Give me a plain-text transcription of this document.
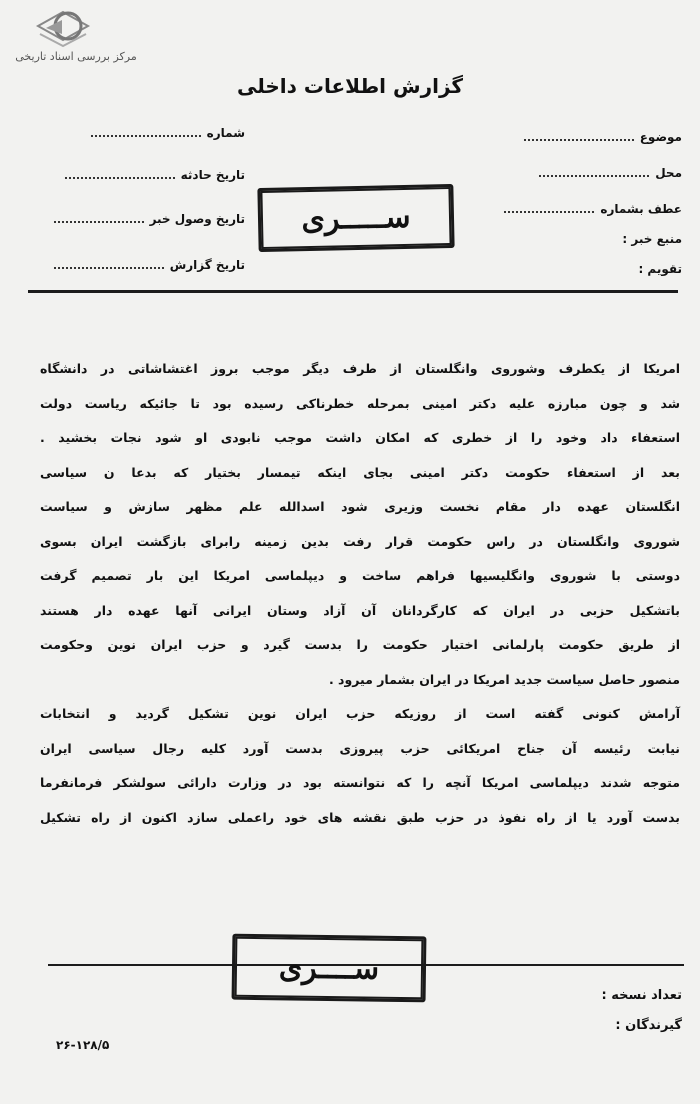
مرکز بررسی اسناد تاریخی
گزارش اطلاعات داخلی
موضوع
محل
عطف بشماره
منبع خبر :
تقویم :
شماره
تاریخ حادثه
تاریخ وصول خبر
تاریخ گزارش
ســـــری

امریکا از یکطرف وشوروی وانگلستان از طرف دیگر موجب بروز اغتشاشاتی در دانشگاه

شد و چون مبارزه علیه دکتر امینی بمرحله خطرناکی رسیده بود تا جائیکه ریاست دولت

استعفاء داد وخود را از خطری که امکان داشت موجب نابودی او شود نجات بخشید .

بعد از استعفاء حکومت دکتر امینی بجای اینکه تیمسار بختیار که بدعا ن سیاسی

انگلستان عهده دار مقام نخست وزیری شود اسدالله علم مظهر سازش و سیاست

شوروی وانگلستان در راس حکومت قرار رفت بدین زمینه رابرای بازگشت ایران بسوی

دوستی با شوروی وانگلیسیها فراهم ساخت و دیپلماسی امریکا این بار تصمیم گرفت

باتشکیل حزبی در ایران که کارگردانان آن آزاد وستان ایرانی آنها عهده دار هستند

از طریق حکومت پارلمانی اختیار حکومت را بدست گیرد و حزب ایران نوین وحکومت

منصور حاصل سیاست جدید امریکا در ایران بشمار میرود .

آرامش کنونی گفته است از روزیکه حزب ایران نوین تشکیل گردید و انتخابات

نیابت رئیسه آن جناح امریکائی حزب پیروزی بدست آورد کلیه رجال سیاسی ایران

متوجه شدند دیپلماسی امریکا آنچه را که نتوانسته بود در وزارت دارائی سولشکر فرمانفرما

بدست آورد یا از راه نفوذ در حزب طبق نقشه های خود راعملی سازد اکنون از راه تشکیل

ســــری
تعداد نسخه :
گیرندگان :
۲۶-۱۲۸/۵
